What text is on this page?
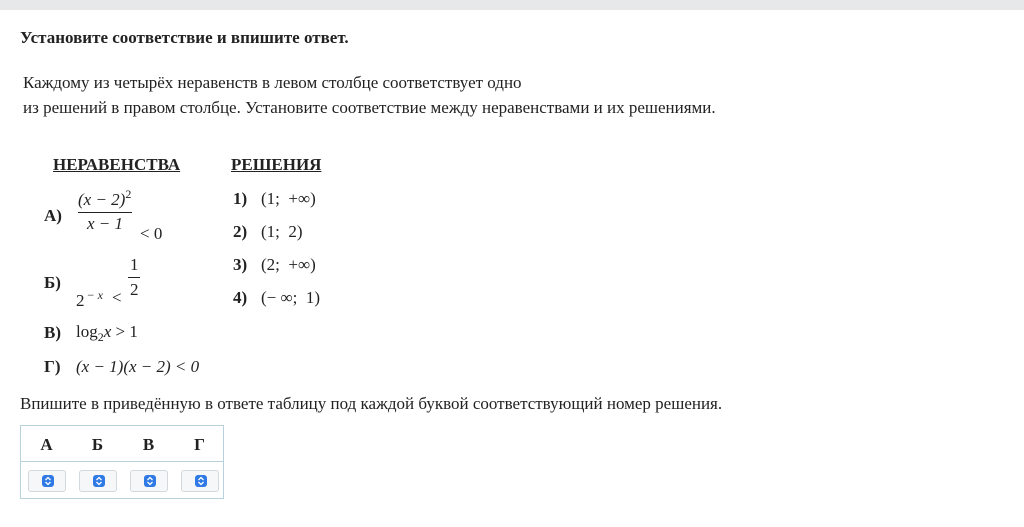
Установите соответствие и впишите ответ.
Каждому из четырёх неравенств в левом столбце соответствует одно
из решений в правом столбце. Установите соответствие между неравенствами и их решениями.
НЕРАВЕНСТВА	РЕШЕНИЯ
А)
$(x - 2)^2$
x − 1
< 0
Б)
2 $^{- x}$ <
1
2
В) $\log_2x > 1$
Г) (x − 1)(x − 2) < 0
1) (1;  +∞)
2) (1;  2)
3) (2;  +∞)
4) (− ∞;  1)
Впишите в приведённую в ответе таблицу под каждой буквой соответствующий номер решения.
А	Б	В	Г
